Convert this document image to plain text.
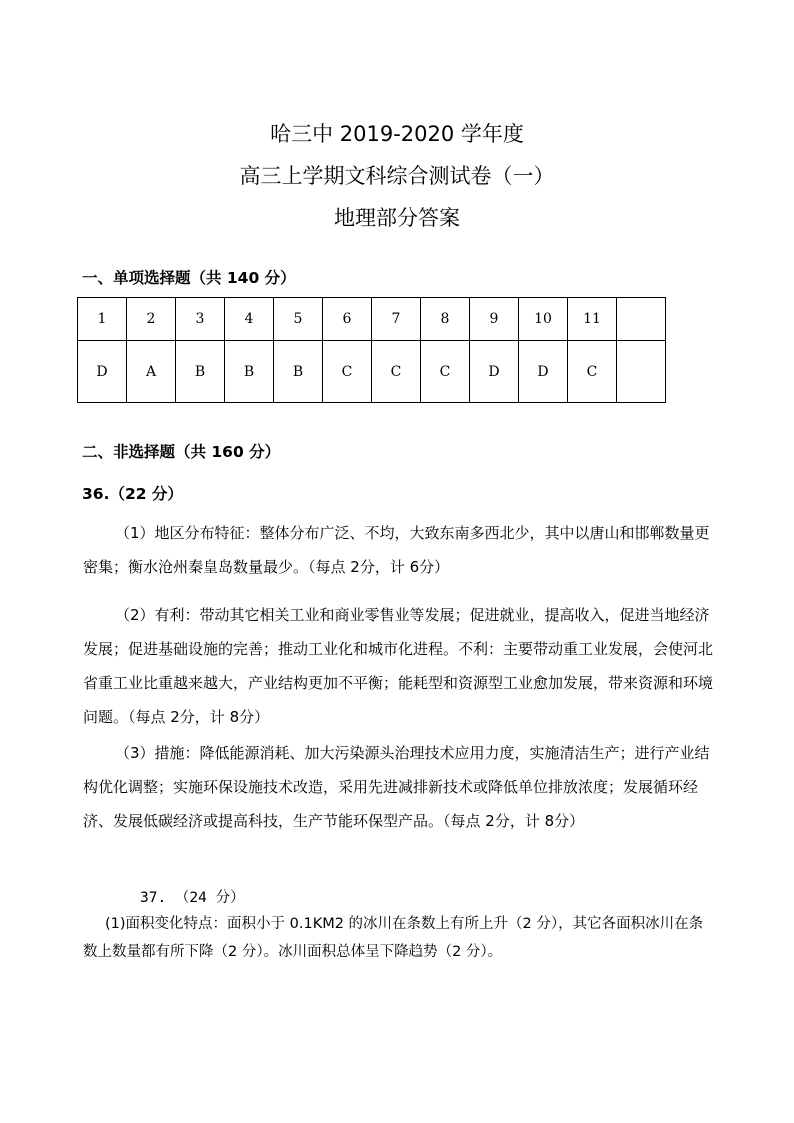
哈三中 2019-2020 学年度
高三上学期文科综合测试卷（一）
地理部分答案
一、单项选择题（共 140 分）
1	2	3	4	5	6	7	8	9	10	11	
D	A	B	B	B	C	C	C	D	D	C	
二、非选择题（共 160 分）
36.（22 分）
（1）地区分布特征：整体分布广泛、不均，大致东南多西北少，其中以唐山和邯郸数量更密集；衡水沧州秦皇岛数量最少。（每点 2分，计 6分）
（2）有利：带动其它相关工业和商业零售业等发展；促进就业，提高收入，促进当地经济发展；促进基础设施的完善；推动工业化和城市化进程。不利：主要带动重工业发展，会使河北省重工业比重越来越大，产业结构更加不平衡；能耗型和资源型工业愈加发展，带来资源和环境问题。（每点 2分，计 8分）
（3）措施：降低能源消耗、加大污染源头治理技术应用力度，实施清洁生产；进行产业结构优化调整；实施环保设施技术改造，采用先进减排新技术或降低单位排放浓度；发展循环经济、发展低碳经济或提高科技，生产节能环保型产品。（每点 2分，计 8分）
37. （24 分）
(1)面积变化特点：面积小于 0.1KM2 的冰川在条数上有所上升（2 分），其它各面积冰川在条数上数量都有所下降（2 分）。冰川面积总体呈下降趋势（2 分）。
